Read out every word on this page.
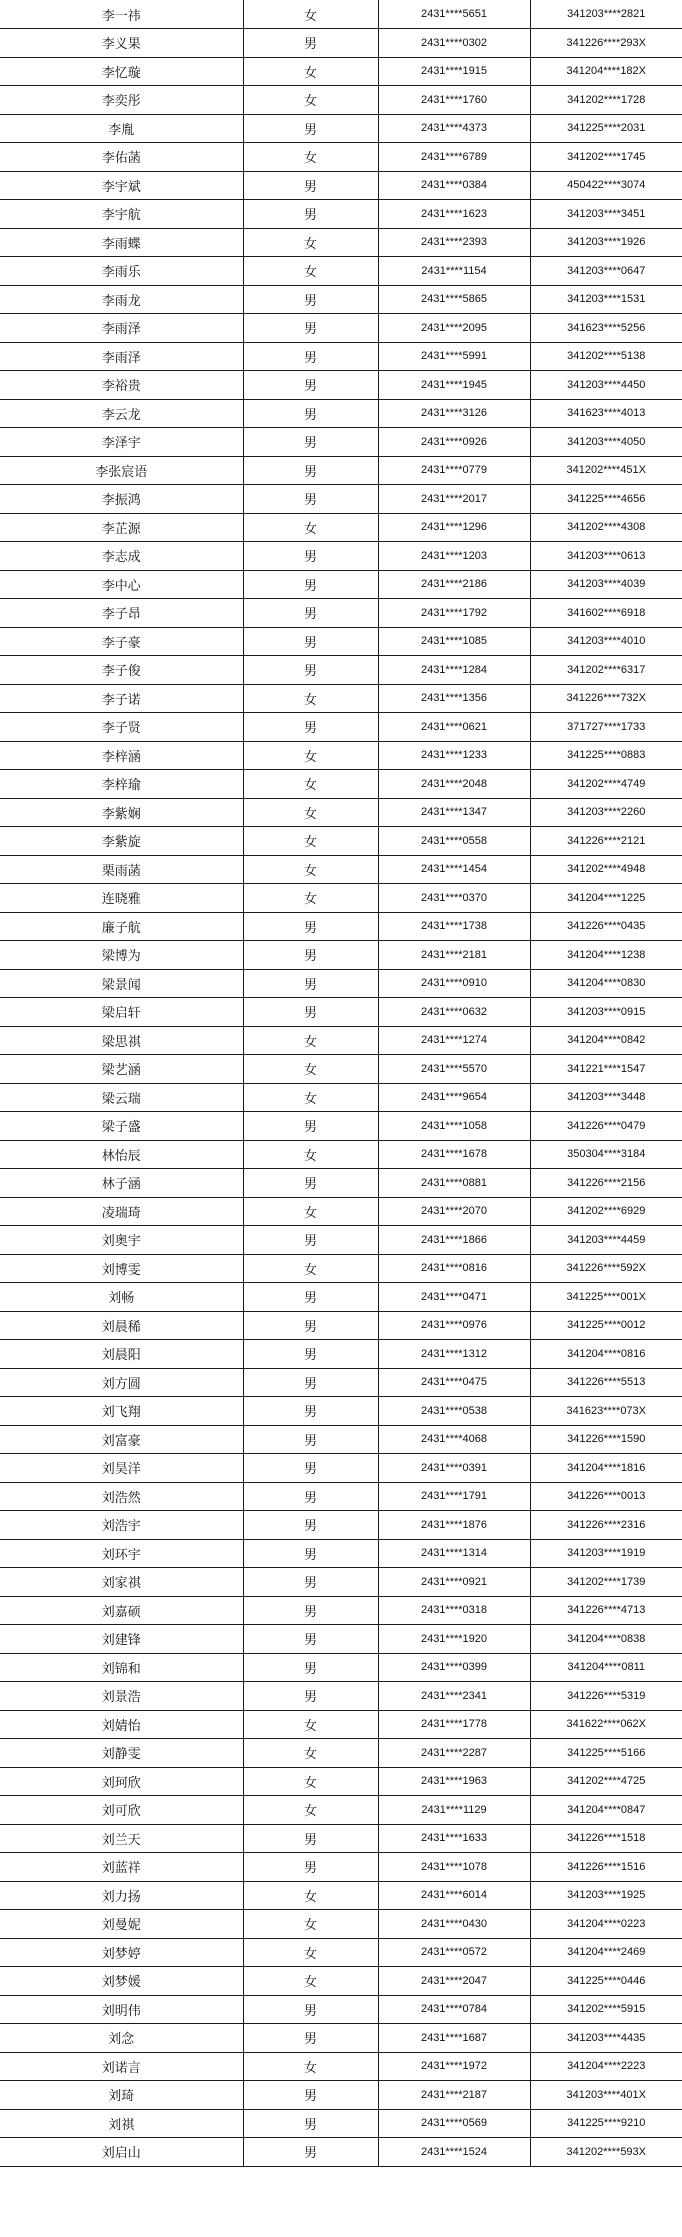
李一祎	女	2431****5651	341203****2821
李义果	男	2431****0302	341226****293X
李忆璇	女	2431****1915	341204****182X
李奕彤	女	2431****1760	341202****1728
李胤	男	2431****4373	341225****2031
李佑菡	女	2431****6789	341202****1745
李宇斌	男	2431****0384	450422****3074
李宇航	男	2431****1623	341203****3451
李雨蝶	女	2431****2393	341203****1926
李雨乐	女	2431****1154	341203****0647
李雨龙	男	2431****5865	341203****1531
李雨泽	男	2431****2095	341623****5256
李雨泽	男	2431****5991	341202****5138
李裕贵	男	2431****1945	341203****4450
李云龙	男	2431****3126	341623****4013
李泽宇	男	2431****0926	341203****4050
李张宸语	男	2431****0779	341202****451X
李振鸿	男	2431****2017	341225****4656
李芷源	女	2431****1296	341202****4308
李志成	男	2431****1203	341203****0613
李中心	男	2431****2186	341203****4039
李子昂	男	2431****1792	341602****6918
李子豪	男	2431****1085	341203****4010
李子俊	男	2431****1284	341202****6317
李子诺	女	2431****1356	341226****732X
李子贤	男	2431****0621	371727****1733
李梓涵	女	2431****1233	341225****0883
李梓瑜	女	2431****2048	341202****4749
李紫娴	女	2431****1347	341203****2260
李紫旋	女	2431****0558	341226****2121
栗雨菡	女	2431****1454	341202****4948
连晓雅	女	2431****0370	341204****1225
廉子航	男	2431****1738	341226****0435
梁博为	男	2431****2181	341204****1238
梁景闻	男	2431****0910	341204****0830
梁启轩	男	2431****0632	341203****0915
梁思祺	女	2431****1274	341204****0842
梁艺涵	女	2431****5570	341221****1547
梁云瑞	女	2431****9654	341203****3448
梁子盛	男	2431****1058	341226****0479
林怡辰	女	2431****1678	350304****3184
林子涵	男	2431****0881	341226****2156
凌瑞琦	女	2431****2070	341202****6929
刘奥宇	男	2431****1866	341203****4459
刘博雯	女	2431****0816	341226****592X
刘畅	男	2431****0471	341225****001X
刘晨稀	男	2431****0976	341225****0012
刘晨阳	男	2431****1312	341204****0816
刘方圆	男	2431****0475	341226****5513
刘飞翔	男	2431****0538	341623****073X
刘富豪	男	2431****4068	341226****1590
刘昊洋	男	2431****0391	341204****1816
刘浩然	男	2431****1791	341226****0013
刘浩宇	男	2431****1876	341226****2316
刘环宇	男	2431****1314	341203****1919
刘家祺	男	2431****0921	341202****1739
刘嘉硕	男	2431****0318	341226****4713
刘建锋	男	2431****1920	341204****0838
刘锦和	男	2431****0399	341204****0811
刘景浩	男	2431****2341	341226****5319
刘婧怡	女	2431****1778	341622****062X
刘静雯	女	2431****2287	341225****5166
刘珂欣	女	2431****1963	341202****4725
刘可欣	女	2431****1129	341204****0847
刘兰天	男	2431****1633	341226****1518
刘蓝祥	男	2431****1078	341226****1516
刘力扬	女	2431****6014	341203****1925
刘曼妮	女	2431****0430	341204****0223
刘梦婷	女	2431****0572	341204****2469
刘梦媛	女	2431****2047	341225****0446
刘明伟	男	2431****0784	341202****5915
刘念	男	2431****1687	341203****4435
刘诺言	女	2431****1972	341204****2223
刘琦	男	2431****2187	341203****401X
刘祺	男	2431****0569	341225****9210
刘启山	男	2431****1524	341202****593X
